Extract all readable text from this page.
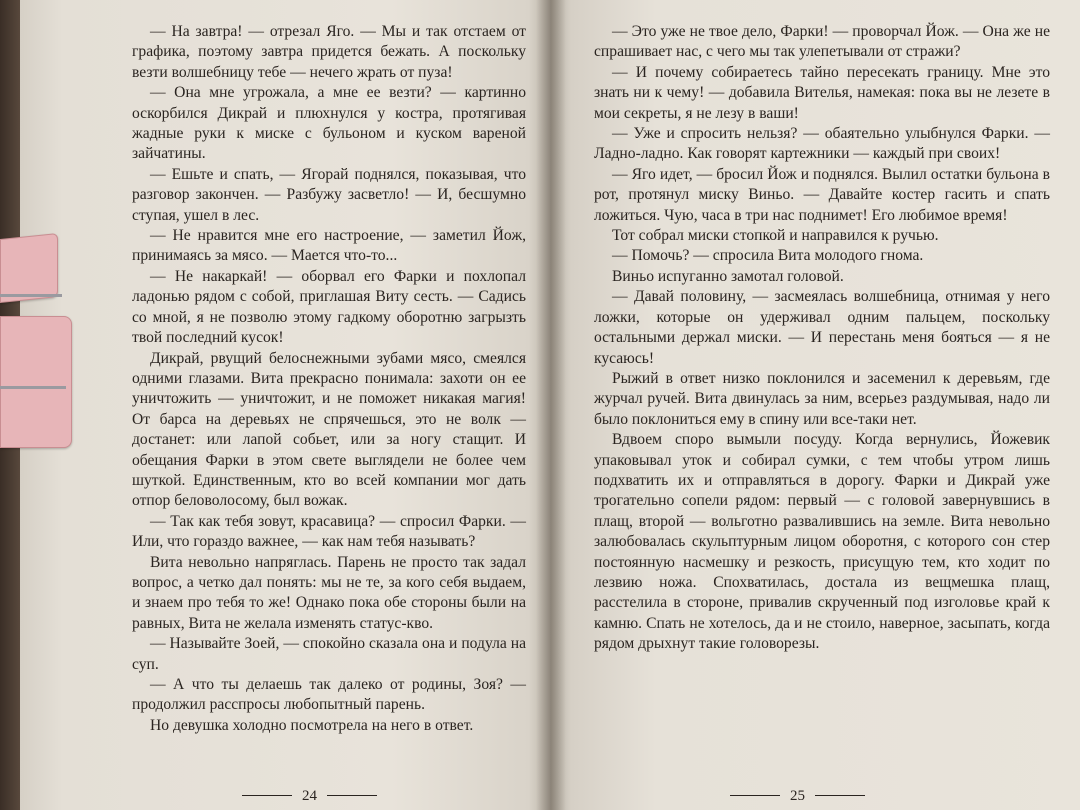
— На завтра! — отрезал Яго. — Мы и так отстаем от графика, поэтому завтра придется бежать. А поскольку везти волшебницу тебе — нечего жрать от пуза!

— Она мне угрожала, а мне ее везти? — картинно оскорбился Дикрай и плюхнулся у костра, протягивая жадные руки к миске с бульоном и куском вареной зайчатины.

— Ешьте и спать, — Ягорай поднялся, показывая, что разговор закончен. — Разбужу засветло! — И, бесшумно ступая, ушел в лес.

— Не нравится мне его настроение, — заметил Йож, принимаясь за мясо. — Мается что-то...

— Не накаркай! — оборвал его Фарки и похлопал ладонью рядом с собой, приглашая Виту сесть. — Садись со мной, я не позволю этому гадкому оборотню загрызть твой последний кусок!

Дикрай, рвущий белоснежными зубами мясо, смеялся одними глазами. Вита прекрасно понимала: захоти он ее уничтожить — уничтожит, и не поможет никакая магия! От барса на деревьях не спрячешься, это не волк — достанет: или лапой собьет, или за ногу стащит. И обещания Фарки в этом свете выглядели не более чем шуткой. Единственным, кто во всей компании мог дать отпор беловолосому, был вожак.

— Так как тебя зовут, красавица? — спросил Фарки. — Или, что гораздо важнее, — как нам тебя называть?

Вита невольно напряглась. Парень не просто так задал вопрос, а четко дал понять: мы не те, за кого себя выдаем, и знаем про тебя то же! Однако пока обе стороны были на равных, Вита не желала изменять статус-кво.

— Называйте Зоей, — спокойно сказала она и подула на суп.

— А что ты делаешь так далеко от родины, Зоя? — продолжил расспросы любопытный парень.

Но девушка холодно посмотрела на него в ответ.

24

— Это уже не твое дело, Фарки! — проворчал Йож. — Она же не спрашивает нас, с чего мы так улепетывали от стражи?

— И почему собираетесь тайно пересекать границу. Мне это знать ни к чему! — добавила Вителья, намекая: пока вы не лезете в мои секреты, я не лезу в ваши!

— Уже и спросить нельзя? — обаятельно улыбнулся Фарки. — Ладно-ладно. Как говорят картежники — каждый при своих!

— Яго идет, — бросил Йож и поднялся. Вылил остатки бульона в рот, протянул миску Виньо. — Давайте костер гасить и спать ложиться. Чую, часа в три нас поднимет! Его любимое время!

Тот собрал миски стопкой и направился к ручью.

— Помочь? — спросила Вита молодого гнома.

Виньо испуганно замотал головой.

— Давай половину, — засмеялась волшебница, отнимая у него ложки, которые он удерживал одним пальцем, поскольку остальными держал миски. — И перестань меня бояться — я не кусаюсь!

Рыжий в ответ низко поклонился и засеменил к деревьям, где журчал ручей. Вита двинулась за ним, всерьез раздумывая, надо ли было поклониться ему в спину или все-таки нет.

Вдвоем споро вымыли посуду. Когда вернулись, Йожевик упаковывал уток и собирал сумки, с тем чтобы утром лишь подхватить их и отправляться в дорогу. Фарки и Дикрай уже трогательно сопели рядом: первый — с головой завернувшись в плащ, второй — вольготно развалившись на земле. Вита невольно залюбовалась скульптурным лицом оборотня, с которого сон стер постоянную насмешку и резкость, присущую тем, кто ходит по лезвию ножа. Спохватилась, достала из вещмешка плащ, расстелила в стороне, привалив скрученный под изголовье край к камню. Спать не хотелось, да и не стоило, наверное, засыпать, когда рядом дрыхнут такие головорезы.

25
